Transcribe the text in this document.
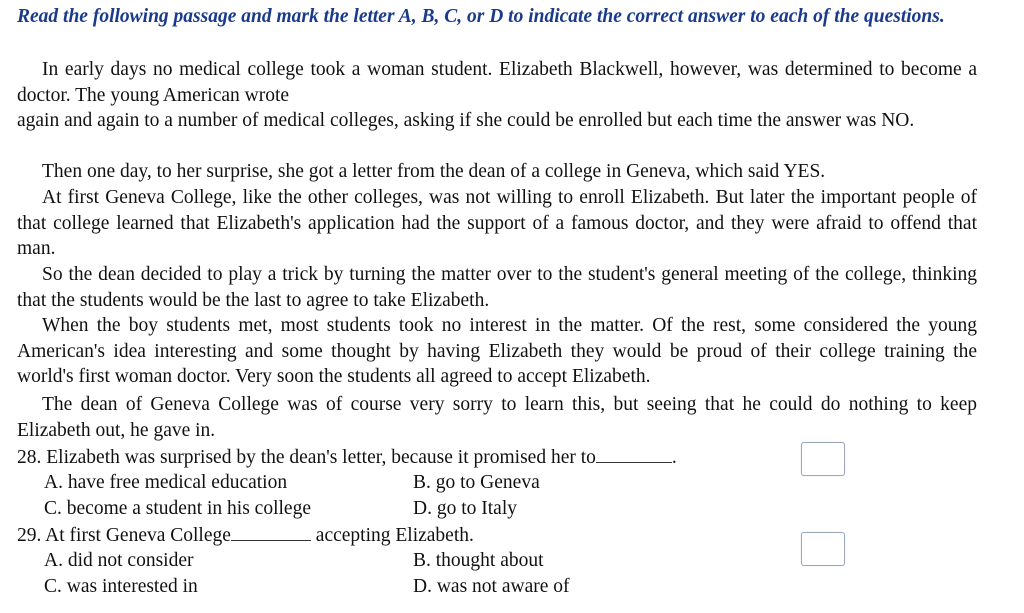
Read the following passage and mark the letter A, B, C, or D to indicate the correct answer to each of the questions.

In early days no medical college took a woman student. Elizabeth Blackwell, however, was determined to become a doctor. The young American wrote

again and again to a number of medical colleges, asking if she could be enrolled but each time the answer was NO.

Then one day, to her surprise, she got a letter from the dean of a college in Geneva, which said YES.

At first Geneva College, like the other colleges, was not willing to enroll Elizabeth. But later the important people of that college learned that Elizabeth's application had the support of a famous doctor, and they were afraid to offend that man.

So the dean decided to play a trick by turning the matter over to the student's general meeting of the college, thinking that the students would be the last to agree to take Elizabeth.

When the boy students met, most students took no interest in the matter. Of the rest, some considered the young American's idea interesting and some thought by having Elizabeth they would be proud of their college training the world's first woman doctor. Very soon the students all agreed to accept Elizabeth.

The dean of Geneva College was of course very sorry to learn this, but seeing that he could do nothing to keep Elizabeth out, he gave in.

28. Elizabeth was surprised by the dean's letter, because it promised her to	.

A. have free medical education	B. go to Geneva

C. become a student in his college	D. go to Italy

29. At first Geneva College	accepting Elizabeth.

A. did not consider	B. thought about

C. was interested in	D. was not aware of
